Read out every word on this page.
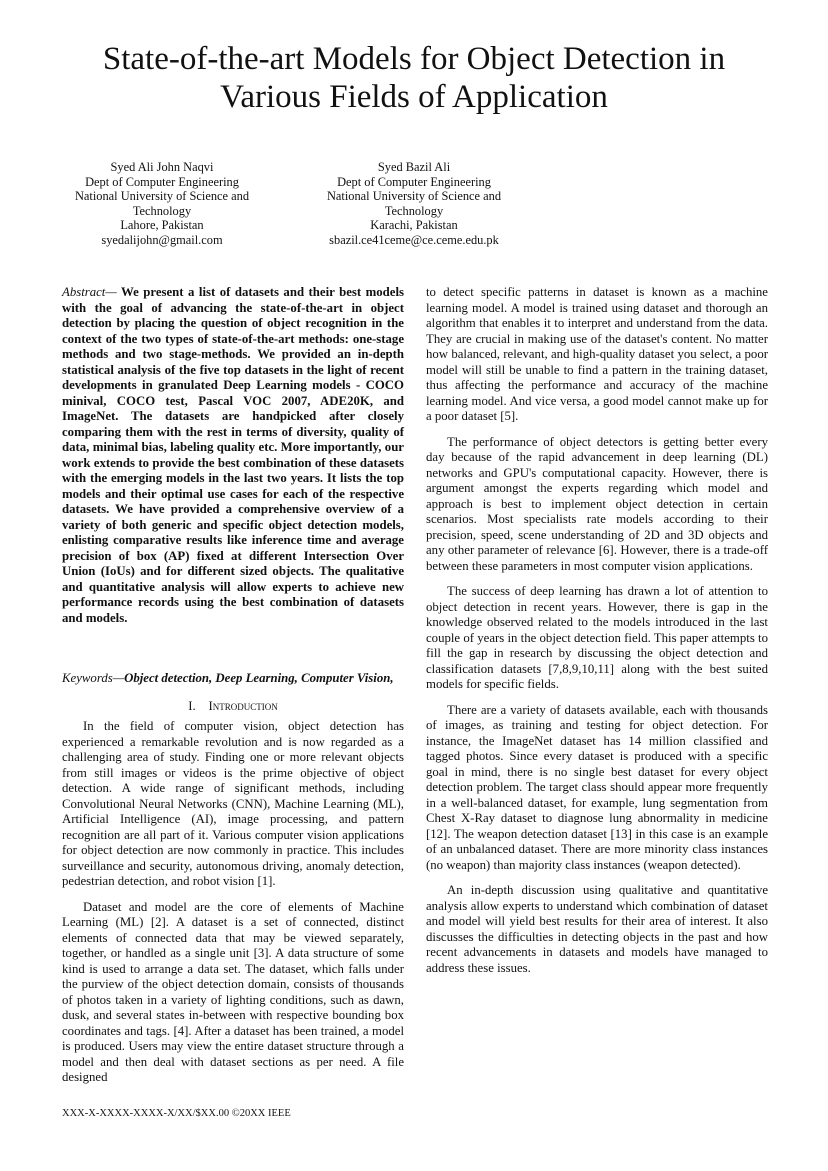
State-of-the-art Models for Object Detection in Various Fields of Application
Syed Ali John Naqvi
Dept of Computer Engineering
National University of Science and
Technology
Lahore, Pakistan
syedalijohn@gmail.com
Syed Bazil Ali
Dept of Computer Engineering
National University of Science and
Technology
Karachi, Pakistan
sbazil.ce41ceme@ce.ceme.edu.pk

Abstract— We present a list of datasets and their best models with the goal of advancing the state-of-the-art in object detection by placing the question of object recognition in the context of the two types of state-of-the-art methods: one-stage methods and two stage-methods. We provided an in-depth statistical analysis of the five top datasets in the light of recent developments in granulated Deep Learning models - COCO minival, COCO test, Pascal VOC 2007, ADE20K, and ImageNet. The datasets are handpicked after closely comparing them with the rest in terms of diversity, quality of data, minimal bias, labeling quality etc. More importantly, our work extends to provide the best combination of these datasets with the emerging models in the last two years. It lists the top models and their optimal use cases for each of the respective datasets. We have provided a comprehensive overview of a variety of both generic and specific object detection models, enlisting comparative results like inference time and average precision of box (AP) fixed at different Intersection Over Union (IoUs) and for different sized objects. The qualitative and quantitative analysis will allow experts to achieve new performance records using the best combination of datasets and models.

Keywords—Object detection, Deep Learning, Computer Vision,

I. Introduction

In the field of computer vision, object detection has experienced a remarkable revolution and is now regarded as a challenging area of study. Finding one or more relevant objects from still images or videos is the prime objective of object detection. A wide range of significant methods, including Convolutional Neural Networks (CNN), Machine Learning (ML), Artificial Intelligence (AI), image processing, and pattern recognition are all part of it. Various computer vision applications for object detection are now commonly in practice. This includes surveillance and security, autonomous driving, anomaly detection, pedestrian detection, and robot vision [1].

Dataset and model are the core of elements of Machine Learning (ML) [2]. A dataset is a set of connected, distinct elements of connected data that may be viewed separately, together, or handled as a single unit [3]. A data structure of some kind is used to arrange a data set. The dataset, which falls under the purview of the object detection domain, consists of thousands of photos taken in a variety of lighting conditions, such as dawn, dusk, and several states in-between with respective bounding box coordinates and tags. [4]. After a dataset has been trained, a model is produced. Users may view the entire dataset structure through a model and then deal with dataset sections as per need. A file designed

to detect specific patterns in dataset is known as a machine learning model. A model is trained using dataset and thorough an algorithm that enables it to interpret and understand from the data. They are crucial in making use of the dataset's content. No matter how balanced, relevant, and high-quality dataset you select, a poor model will still be unable to find a pattern in the training dataset, thus affecting the performance and accuracy of the machine learning model. And vice versa, a good model cannot make up for a poor dataset [5].

The performance of object detectors is getting better every day because of the rapid advancement in deep learning (DL) networks and GPU's computational capacity. However, there is argument amongst the experts regarding which model and approach is best to implement object detection in certain scenarios. Most specialists rate models according to their precision, speed, scene understanding of 2D and 3D objects and any other parameter of relevance [6]. However, there is a trade-off between these parameters in most computer vision applications.

The success of deep learning has drawn a lot of attention to object detection in recent years. However, there is gap in the knowledge observed related to the models introduced in the last couple of years in the object detection field. This paper attempts to fill the gap in research by discussing the object detection and classification datasets [7,8,9,10,11] along with the best suited models for specific fields.

There are a variety of datasets available, each with thousands of images, as training and testing for object detection. For instance, the ImageNet dataset has 14 million classified and tagged photos. Since every dataset is produced with a specific goal in mind, there is no single best dataset for every object detection problem. The target class should appear more frequently in a well-balanced dataset, for example, lung segmentation from Chest X-Ray dataset to diagnose lung abnormality in medicine [12]. The weapon detection dataset [13] in this case is an example of an unbalanced dataset. There are more minority class instances (no weapon) than majority class instances (weapon detected).

An in-depth discussion using qualitative and quantitative analysis allow experts to understand which combination of dataset and model will yield best results for their area of interest. It also discusses the difficulties in detecting objects in the past and how recent advancements in datasets and models have managed to address these issues.

XXX-X-XXXX-XXXX-X/XX/$XX.00 ©20XX IEEE
